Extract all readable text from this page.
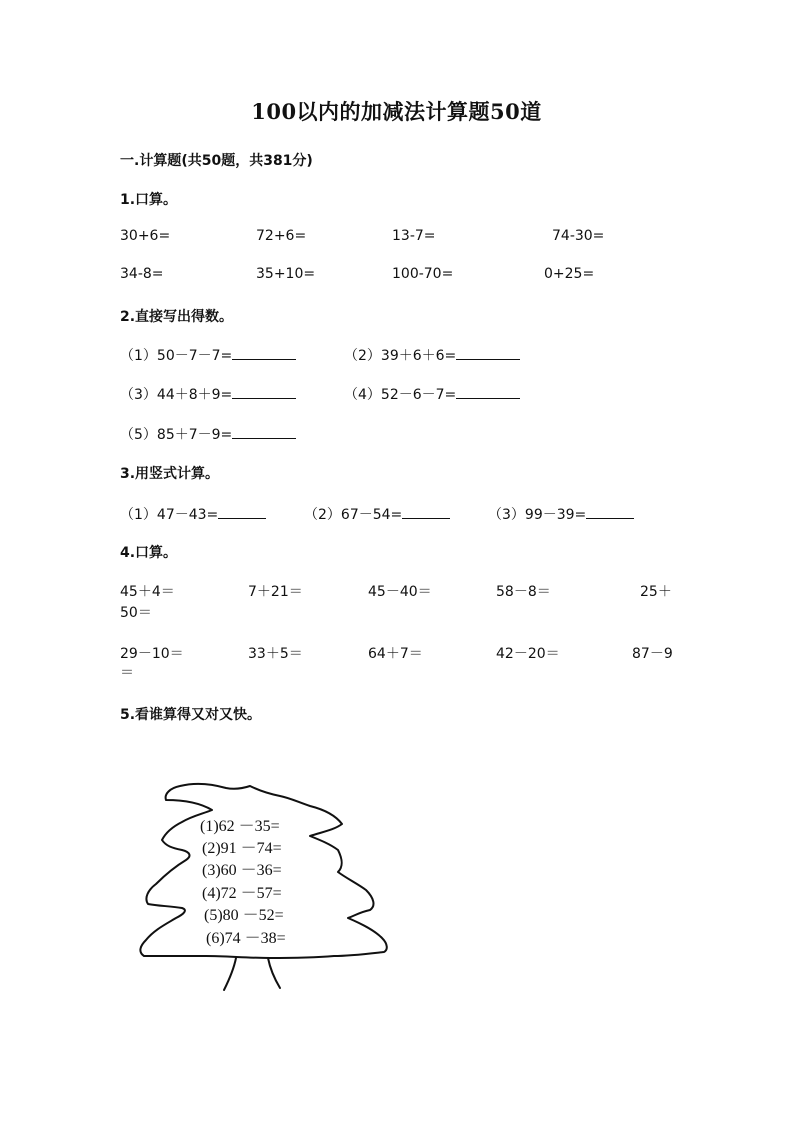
100以内的加减法计算题50道
一.计算题(共50题，共381分)
1.口算。
30+6=	72+6=	13-7=	74-30=
34-8=	35+10=	100-70=	0+25=
2.直接写出得数。
（1）50－7－7=	（2）39＋6＋6=
（3）44＋8＋9=	（4）52－6－7=
（5）85＋7－9=
3.用竖式计算。
（1）47－43=	（2）67－54=	（3）99－39=
4.口算。
45＋4＝	7＋21＝	45－40＝	58－8＝	25＋
50＝
29－10＝	33＋5＝	64＋7＝	42－20＝	87－9
＝
5.看谁算得又对又快。
(1)62 －35=
(2)91 －74=
(3)60 －36=
(4)72 －57=
(5)80 －52=
(6)74 －38=
